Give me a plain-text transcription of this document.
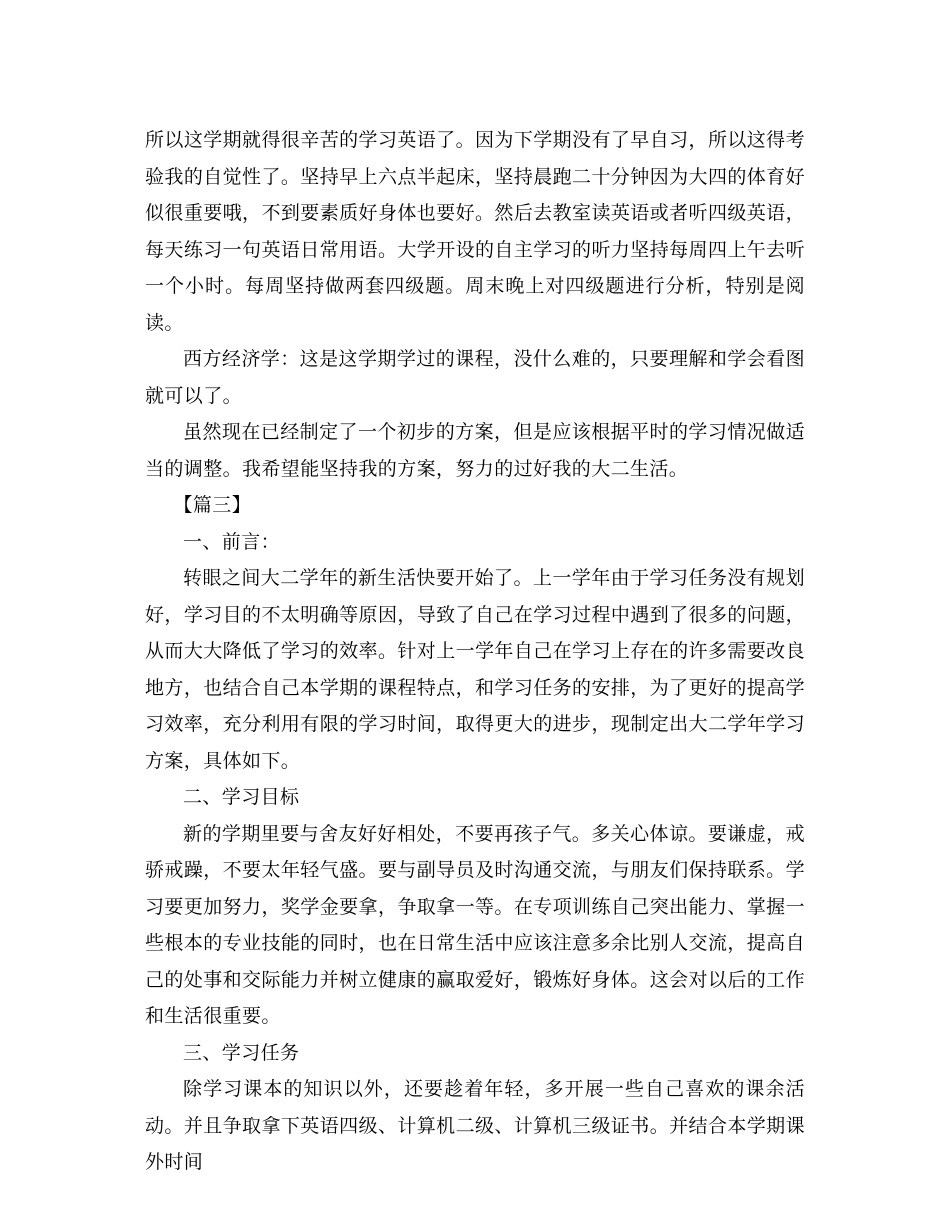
所以这学期就得很辛苦的学习英语了。因为下学期没有了早自习，所以这得考验我的自觉性了。坚持早上六点半起床，坚持晨跑二十分钟因为大四的体育好似很重要哦，不到要素质好身体也要好。然后去教室读英语或者听四级英语，每天练习一句英语日常用语。大学开设的自主学习的听力坚持每周四上午去听一个小时。每周坚持做两套四级题。周末晚上对四级题进行分析，特别是阅读。

西方经济学：这是这学期学过的课程，没什么难的，只要理解和学会看图就可以了。

虽然现在已经制定了一个初步的方案，但是应该根据平时的学习情况做适当的调整。我希望能坚持我的方案，努力的过好我的大二生活。

【篇三】

一、前言：

转眼之间大二学年的新生活快要开始了。上一学年由于学习任务没有规划好，学习目的不太明确等原因，导致了自己在学习过程中遇到了很多的问题，从而大大降低了学习的效率。针对上一学年自己在学习上存在的许多需要改良地方，也结合自己本学期的课程特点，和学习任务的安排，为了更好的提高学习效率，充分利用有限的学习时间，取得更大的进步，现制定出大二学年学习方案，具体如下。

二、学习目标

新的学期里要与舍友好好相处，不要再孩子气。多关心体谅。要谦虚，戒骄戒躁，不要太年轻气盛。要与副导员及时沟通交流，与朋友们保持联系。学习要更加努力，奖学金要拿，争取拿一等。在专项训练自己突出能力、掌握一些根本的专业技能的同时，也在日常生活中应该注意多余比别人交流，提高自己的处事和交际能力并树立健康的赢取爱好，锻炼好身体。这会对以后的工作和生活很重要。

三、学习任务

除学习课本的知识以外，还要趁着年轻，多开展一些自己喜欢的课余活动。并且争取拿下英语四级、计算机二级、计算机三级证书。并结合本学期课外时间
